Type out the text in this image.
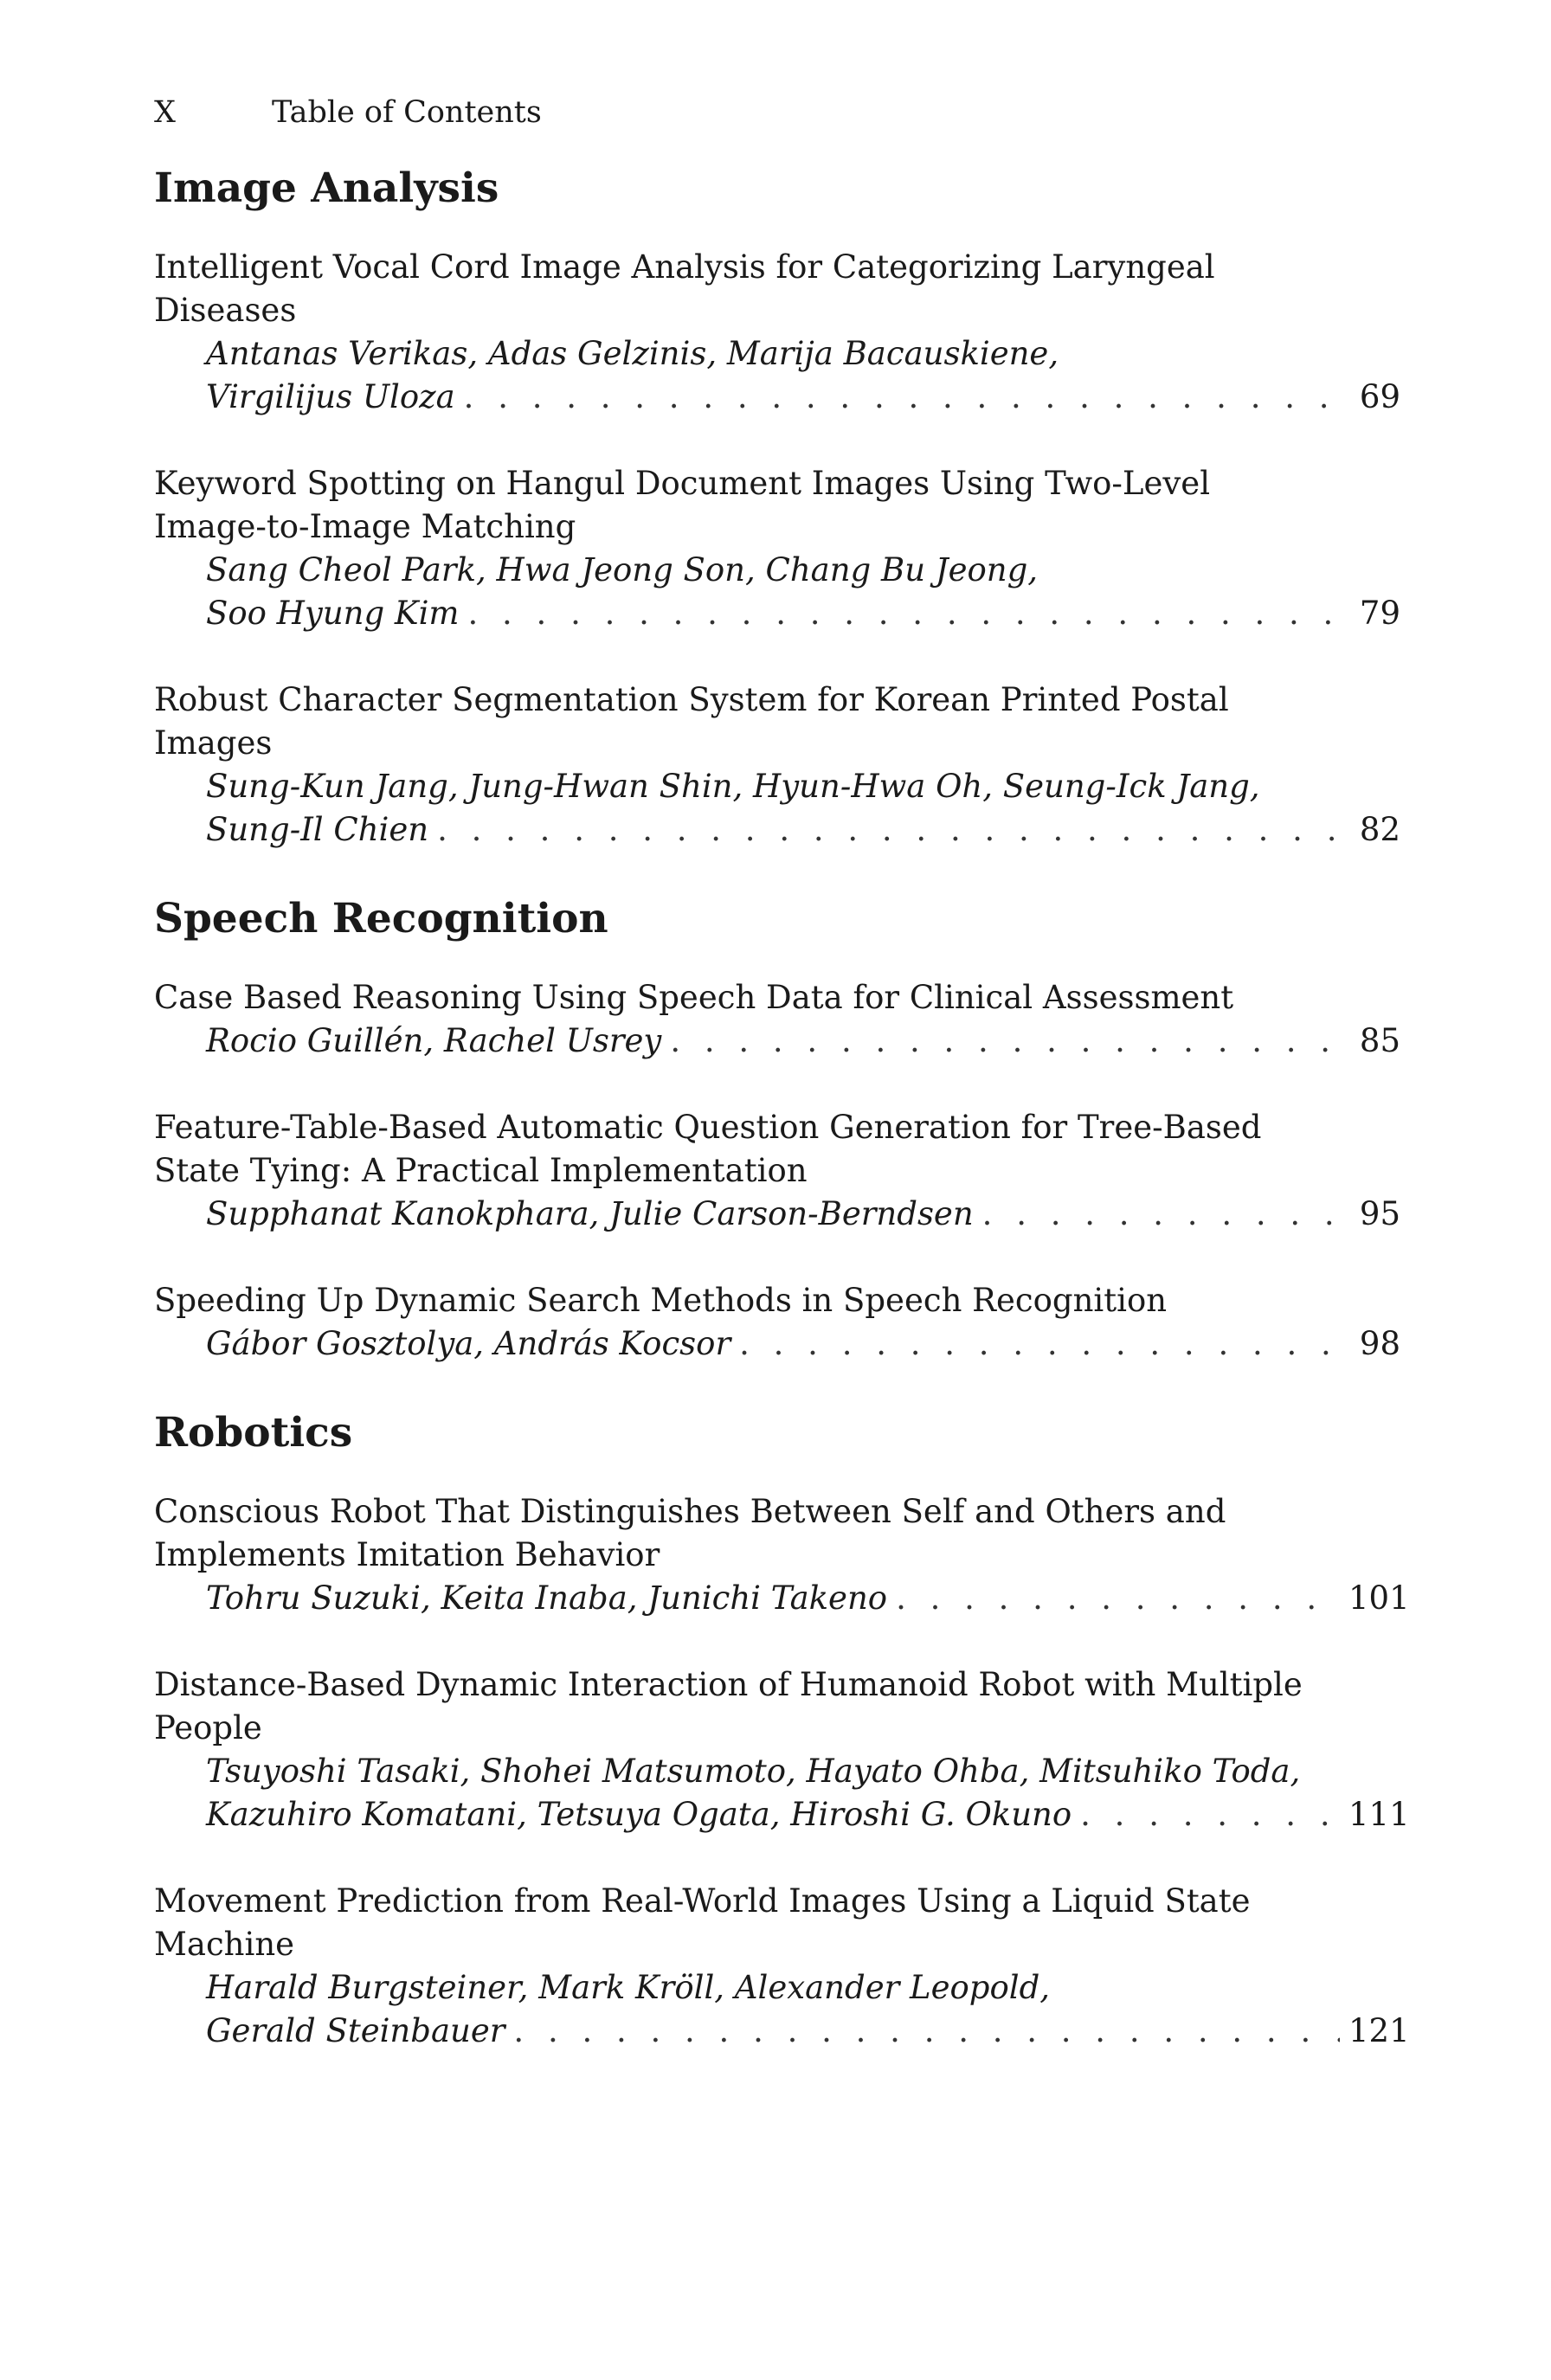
X	Table of Contents
Image Analysis

Intelligent Vocal Cord Image Analysis for Categorizing Laryngeal

Diseases

Antanas Verikas, Adas Gelzinis, Marija Bacauskiene,

Virgilijus Uloza . . .	69

Keyword Spotting on Hangul Document Images Using Two-Level

Image-to-Image Matching

Sang Cheol Park, Hwa Jeong Son, Chang Bu Jeong,

Soo Hyung Kim . . .	79

Robust Character Segmentation System for Korean Printed Postal

Images

Sung-Kun Jang, Jung-Hwan Shin, Hyun-Hwa Oh, Seung-Ick Jang,

Sung-Il Chien . . .	82
Speech Recognition

Case Based Reasoning Using Speech Data for Clinical Assessment

Rocio Guillén, Rachel Usrey . . .	85

Feature-Table-Based Automatic Question Generation for Tree-Based

State Tying: A Practical Implementation

Supphanat Kanokphara, Julie Carson-Berndsen . . .	95

Speeding Up Dynamic Search Methods in Speech Recognition

Gábor Gosztolya, András Kocsor . . .	98
Robotics

Conscious Robot That Distinguishes Between Self and Others and

Implements Imitation Behavior

Tohru Suzuki, Keita Inaba, Junichi Takeno . . .	101

Distance-Based Dynamic Interaction of Humanoid Robot with Multiple

People

Tsuyoshi Tasaki, Shohei Matsumoto, Hayato Ohba, Mitsuhiko Toda,

Kazuhiro Komatani, Tetsuya Ogata, Hiroshi G. Okuno . . .	111

Movement Prediction from Real-World Images Using a Liquid State

Machine

Harald Burgsteiner, Mark Kröll, Alexander Leopold,

Gerald Steinbauer . . .	121
